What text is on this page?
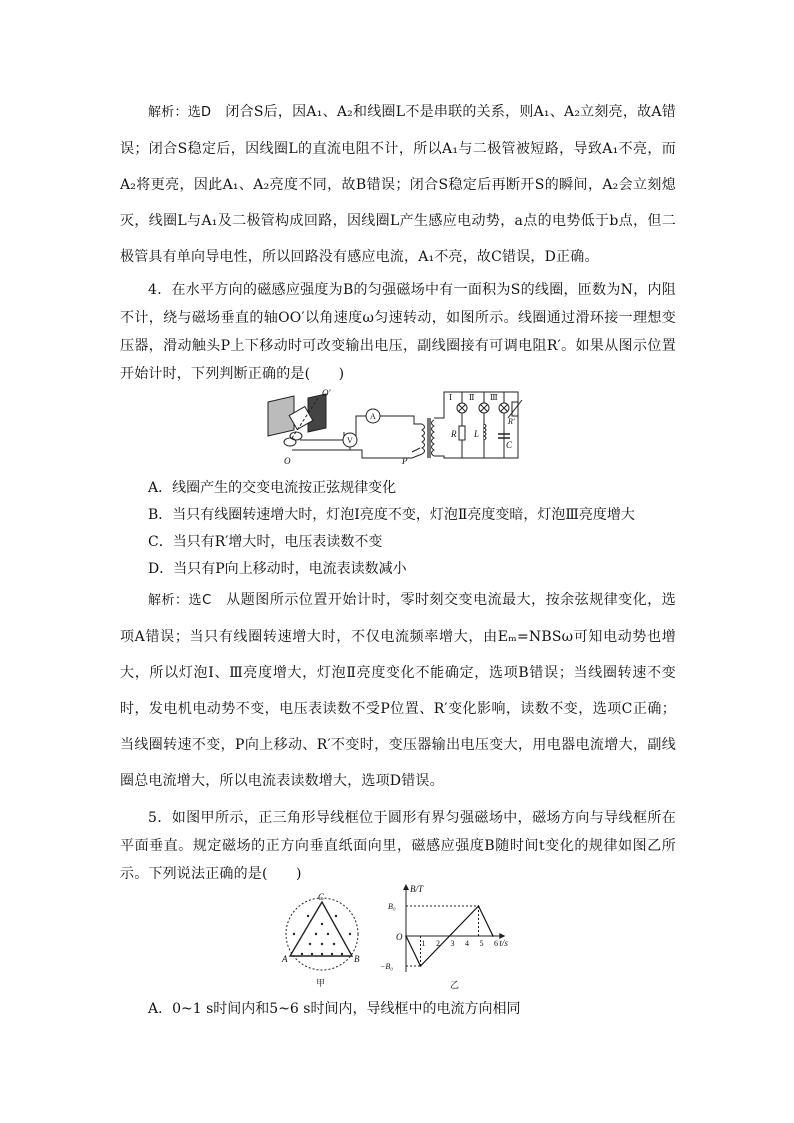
解析：选D 闭合S后，因A₁、A₂和线圈L不是串联的关系，则A₁、A₂立刻亮，故A错误；闭合S稳定后，因线圈L的直流电阻不计，所以A₁与二极管被短路，导致A₁不亮，而A₂将更亮，因此A₁、A₂亮度不同，故B错误；闭合S稳定后再断开S的瞬间，A₂会立刻熄灭，线圈L与A₁及二极管构成回路，因线圈L产生感应电动势，a点的电势低于b点，但二极管具有单向导电性，所以回路没有感应电流，A₁不亮，故C错误，D正确。
4．在水平方向的磁感应强度为B的匀强磁场中有一面积为S的线圈，匝数为N，内阻不计，绕与磁场垂直的轴OO′以角速度ω匀速转动，如图所示。线圈通过滑环接一理想变压器，滑动触头P上下移动时可改变输出电压，副线圈接有可调电阻R′。如果从图示位置开始计时，下列判断正确的是(　　)
O′
O
A
V
P
Ⅰ Ⅱ Ⅲ
R L
C
R′
A．线圈产生的交变电流按正弦规律变化
B．当只有线圈转速增大时，灯泡Ⅰ亮度不变，灯泡Ⅱ亮度变暗，灯泡Ⅲ亮度增大
C．当只有R′增大时，电压表读数不变
D．当只有P向上移动时，电流表读数减小
解析：选C 从题图所示位置开始计时，零时刻交变电流最大，按余弦规律变化，选项A错误；当只有线圈转速增大时，不仅电流频率增大，由Eₘ=NBSω可知电动势也增大，所以灯泡Ⅰ、Ⅲ亮度增大，灯泡Ⅱ亮度变化不能确定，选项B错误；当线圈转速不变时，发电机电动势不变，电压表读数不受P位置、R′变化影响，读数不变，选项C正确；当线圈转速不变，P向上移动、R′不变时，变压器输出电压变大，用电器电流增大，副线圈总电流增大，所以电流表读数增大，选项D错误。
5．如图甲所示，正三角形导线框位于圆形有界匀强磁场中，磁场方向与导线框所在平面垂直。规定磁场的正方向垂直纸面向里，磁感应强度B随时间t变化的规律如图乙所示。下列说法正确的是(　　)
C
A	B
甲
B/T
t/s
O
1 2 3 4 5 6
B₀
−B₀
乙
A．0~1 s时间内和5~6 s时间内，导线框中的电流方向相同
